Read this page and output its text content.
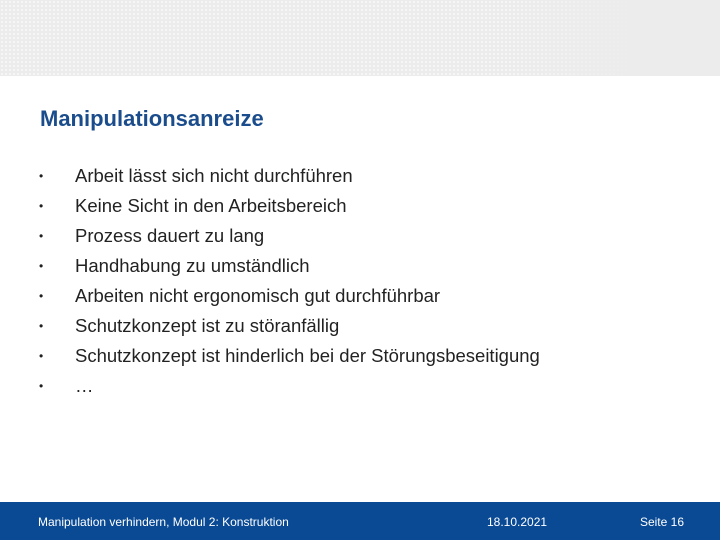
Manipulationsanreize
•	Arbeit lässt sich nicht durchführen
•	Keine Sicht in den Arbeitsbereich
•	Prozess dauert zu lang
•	Handhabung zu umständlich
•	Arbeiten nicht ergonomisch gut durchführbar
•	Schutzkonzept ist zu störanfällig
•	Schutzkonzept ist hinderlich bei der Störungsbeseitigung
•	…
Manipulation verhindern, Modul 2: Konstruktion	18.10.2021	Seite 16
